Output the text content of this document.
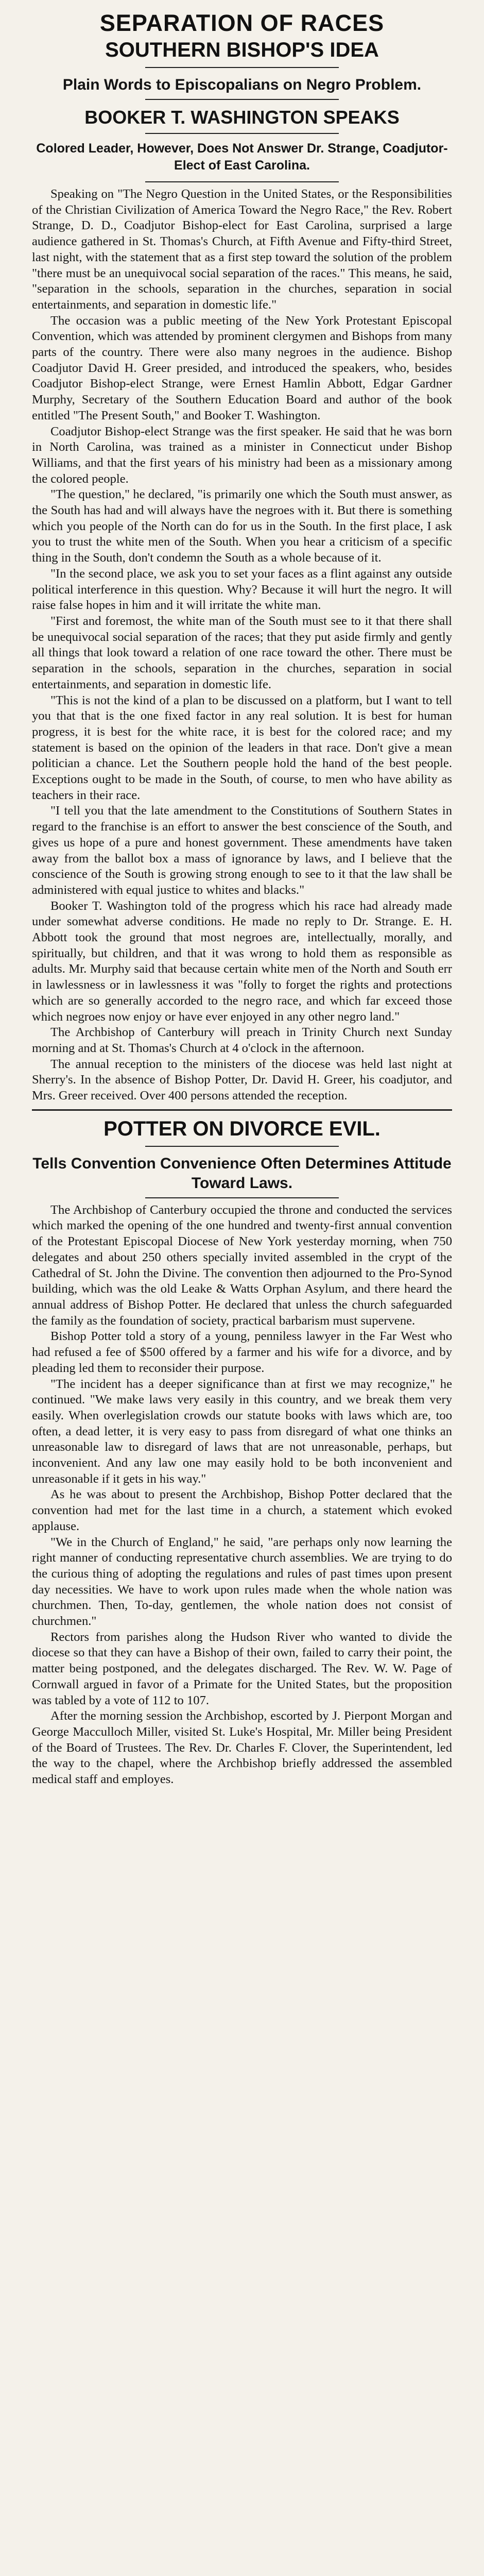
SEPARATION OF RACES
SOUTHERN BISHOP'S IDEA
Plain Words to Episcopalians on Negro Problem.
BOOKER T. WASHINGTON SPEAKS
Colored Leader, However, Does Not Answer Dr. Strange, Coadjutor-Elect of East Carolina.

Speaking on "The Negro Question in the United States, or the Responsibilities of the Christian Civilization of America Toward the Negro Race," the Rev. Robert Strange, D. D., Coadjutor Bishop-elect for East Carolina, surprised a large audience gathered in St. Thomas's Church, at Fifth Avenue and Fifty-third Street, last night, with the statement that as a first step toward the solution of the problem "there must be an unequivocal social separation of the races." This means, he said, "separation in the schools, separation in the churches, separation in social entertainments, and separation in domestic life."

The occasion was a public meeting of the New York Protestant Episcopal Convention, which was attended by prominent clergymen and Bishops from many parts of the country. There were also many negroes in the audience. Bishop Coadjutor David H. Greer presided, and introduced the speakers, who, besides Coadjutor Bishop-elect Strange, were Ernest Hamlin Abbott, Edgar Gardner Murphy, Secretary of the Southern Education Board and author of the book entitled "The Present South," and Booker T. Washington.

Coadjutor Bishop-elect Strange was the first speaker. He said that he was born in North Carolina, was trained as a minister in Connecticut under Bishop Williams, and that the first years of his ministry had been as a missionary among the colored people.

"The question," he declared, "is primarily one which the South must answer, as the South has had and will always have the negroes with it. But there is something which you people of the North can do for us in the South. In the first place, I ask you to trust the white men of the South. When you hear a criticism of a specific thing in the South, don't condemn the South as a whole because of it.

"In the second place, we ask you to set your faces as a flint against any outside political interference in this question. Why? Because it will hurt the negro. It will raise false hopes in him and it will irritate the white man.

"First and foremost, the white man of the South must see to it that there shall be unequivocal social separation of the races; that they put aside firmly and gently all things that look toward a relation of one race toward the other. There must be separation in the schools, separation in the churches, separation in social entertainments, and separation in domestic life.

"This is not the kind of a plan to be discussed on a platform, but I want to tell you that that is the one fixed factor in any real solution. It is best for human progress, it is best for the white race, it is best for the colored race; and my statement is based on the opinion of the leaders in that race. Don't give a mean politician a chance. Let the Southern people hold the hand of the best people. Exceptions ought to be made in the South, of course, to men who have ability as teachers in their race.

"I tell you that the late amendment to the Constitutions of Southern States in regard to the franchise is an effort to answer the best conscience of the South, and gives us hope of a pure and honest government. These amendments have taken away from the ballot box a mass of ignorance by laws, and I believe that the conscience of the South is growing strong enough to see to it that the law shall be administered with equal justice to whites and blacks."

Booker T. Washington told of the progress which his race had already made under somewhat adverse conditions. He made no reply to Dr. Strange. E. H. Abbott took the ground that most negroes are, intellectually, morally, and spiritually, but children, and that it was wrong to hold them as responsible as adults. Mr. Murphy said that because certain white men of the North and South err in lawlessness or in lawlessness it was "folly to forget the rights and protections which are so generally accorded to the negro race, and which far exceed those which negroes now enjoy or have ever enjoyed in any other negro land."

The Archbishop of Canterbury will preach in Trinity Church next Sunday morning and at St. Thomas's Church at 4 o'clock in the afternoon.

The annual reception to the ministers of the diocese was held last night at Sherry's. In the absence of Bishop Potter, Dr. David H. Greer, his coadjutor, and Mrs. Greer received. Over 400 persons attended the reception.

POTTER ON DIVORCE EVIL.
Tells Convention Convenience Often Determines Attitude Toward Laws.

The Archbishop of Canterbury occupied the throne and conducted the services which marked the opening of the one hundred and twenty-first annual convention of the Protestant Episcopal Diocese of New York yesterday morning, when 750 delegates and about 250 others specially invited assembled in the crypt of the Cathedral of St. John the Divine. The convention then adjourned to the Pro-Synod building, which was the old Leake & Watts Orphan Asylum, and there heard the annual address of Bishop Potter. He declared that unless the church safeguarded the family as the foundation of society, practical barbarism must supervene.

Bishop Potter told a story of a young, penniless lawyer in the Far West who had refused a fee of $500 offered by a farmer and his wife for a divorce, and by pleading led them to reconsider their purpose.

"The incident has a deeper significance than at first we may recognize," he continued. "We make laws very easily in this country, and we break them very easily. When overlegislation crowds our statute books with laws which are, too often, a dead letter, it is very easy to pass from disregard of what one thinks an unreasonable law to disregard of laws that are not unreasonable, perhaps, but inconvenient. And any law one may easily hold to be both inconvenient and unreasonable if it gets in his way."

As he was about to present the Archbishop, Bishop Potter declared that the convention had met for the last time in a church, a statement which evoked applause.

"We in the Church of England," he said, "are perhaps only now learning the right manner of conducting representative church assemblies. We are trying to do the curious thing of adopting the regulations and rules of past times upon present day necessities. We have to work upon rules made when the whole nation was churchmen. Then, To-day, gentlemen, the whole nation does not consist of churchmen."

Rectors from parishes along the Hudson River who wanted to divide the diocese so that they can have a Bishop of their own, failed to carry their point, the matter being postponed, and the delegates discharged. The Rev. W. W. Page of Cornwall argued in favor of a Primate for the United States, but the proposition was tabled by a vote of 112 to 107.

After the morning session the Archbishop, escorted by J. Pierpont Morgan and George Macculloch Miller, visited St. Luke's Hospital, Mr. Miller being President of the Board of Trustees. The Rev. Dr. Charles F. Clover, the Superintendent, led the way to the chapel, where the Archbishop briefly addressed the assembled medical staff and employes.
